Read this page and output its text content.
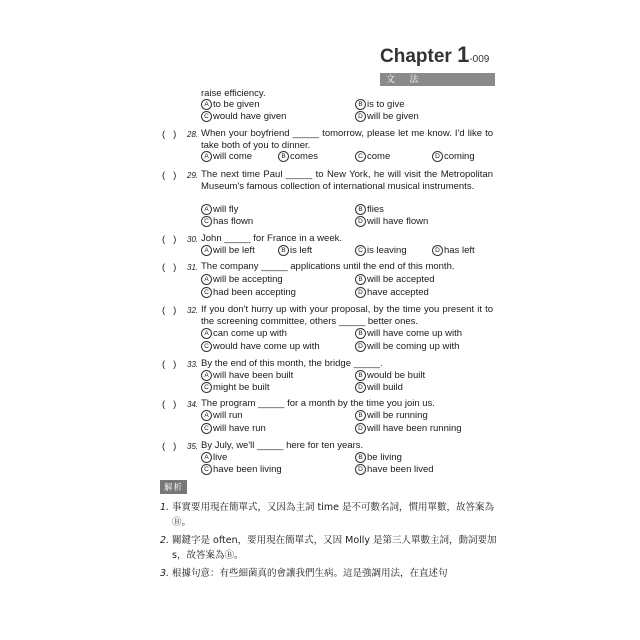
Chapter 1-009
文 法
raise efficiency.
A to be given	B is to give
C would have given	D will be given
(   ) 28. When your boyfriend _____ tomorrow, please let me know. I'd like to take both of you to dinner.
A will come	B comes	C come	D coming
(   ) 29. The next time Paul _____ to New York, he will visit the Metropolitan Museum's famous collection of international musical instruments.
A will fly	B flies
C has flown	D will have flown
(   ) 30. John _____ for France in a week.
A will be left	B is left	C is leaving	D has left
(   ) 31. The company _____ applications until the end of this month.
A will be accepting	B will be accepted
C had been accepting	D have accepted
(   ) 32. If you don't hurry up with your proposal, by the time you present it to the screening committee, others _____ better ones.
A can come up with	B will have come up with
C would have come up with	D will be coming up with
(   ) 33. By the end of this month, the bridge _____.
A will have been built	B would be built
C might be built	D will build
(   ) 34. The program _____ for a month by the time you join us.
A will run	B will be running
C will have run	D will have been running
(   ) 35. By July, we'll _____ here for ten years.
A live	B be living
C have been living	D have been lived
解析
1. 事實要用現在簡單式，又因為主詞 time 是不可數名詞，慣用單數，故答案為Ⓑ。
2. 關鍵字是 often，要用現在簡單式，又因 Molly 是第三人單數主詞，動詞要加 s，故答案為Ⓑ。
3. 根據句意：有些細菌真的會讓我們生病。這是強調用法，在直述句
